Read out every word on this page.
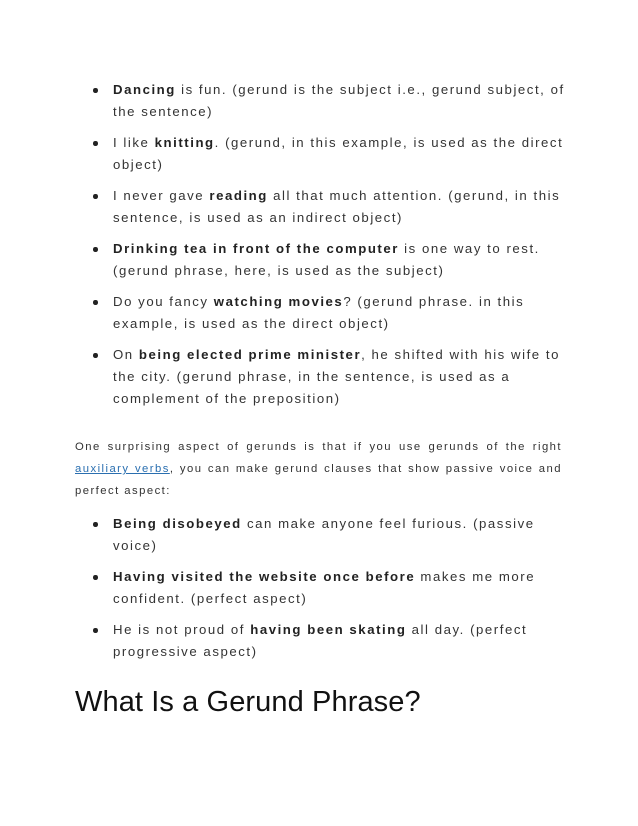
Dancing is fun. (gerund is the subject i.e., gerund subject, of the sentence)
I like knitting. (gerund, in this example, is used as the direct object)
I never gave reading all that much attention. (gerund, in this sentence, is used as an indirect object)
Drinking tea in front of the computer is one way to rest. (gerund phrase, here, is used as the subject)
Do you fancy watching movies? (gerund phrase. in this example, is used as the direct object)
On being elected prime minister, he shifted with his wife to the city. (gerund phrase, in the sentence, is used as a complement of the preposition)

One surprising aspect of gerunds is that if you use gerunds of the right auxiliary verbs, you can make gerund clauses that show passive voice and perfect aspect:

Being disobeyed can make anyone feel furious. (passive voice)
Having visited the website once before makes me more confident. (perfect aspect)
He is not proud of having been skating all day. (perfect progressive aspect)
What Is a Gerund Phrase?
